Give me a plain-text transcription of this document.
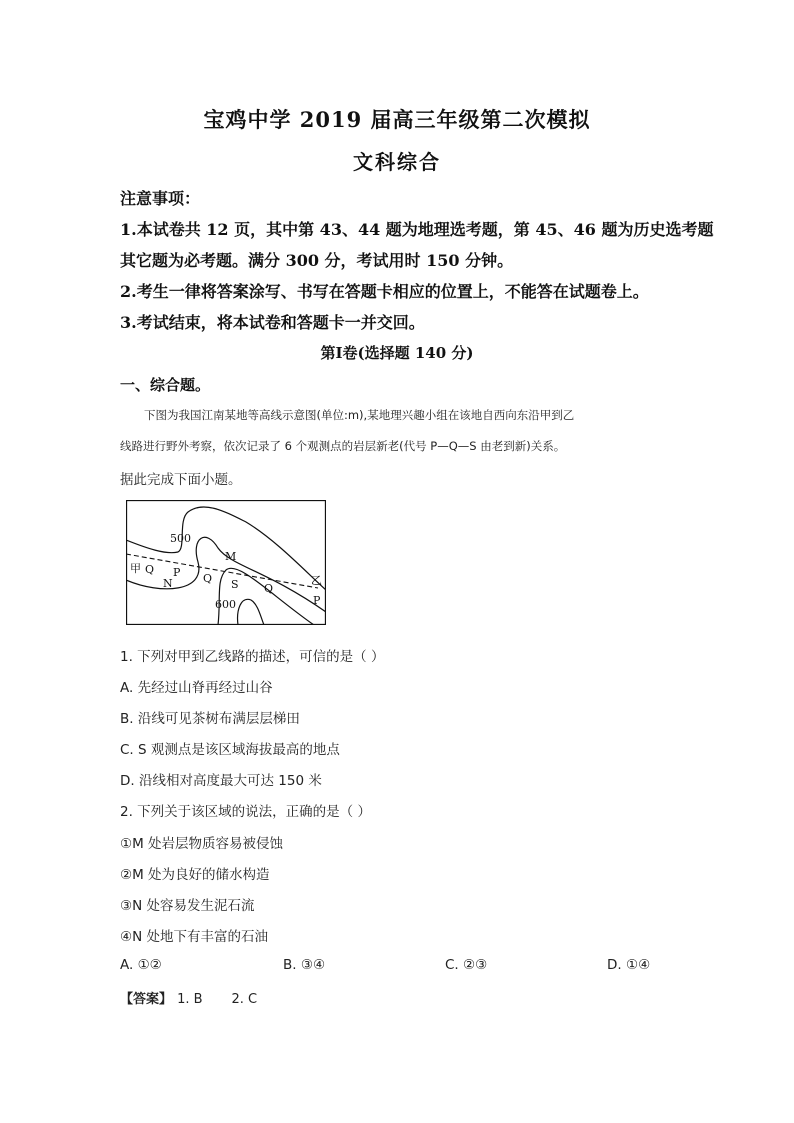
宝鸡中学 2019 届高三年级第二次模拟
文科综合
注意事项：
1.本试卷共 12 页，其中第 43、44 题为地理选考题，第 45、46 题为历史选考题
其它题为必考题。满分 300 分，考试用时 150 分钟。
2.考生一律将答案涂写、书写在答题卡相应的位置上，不能答在试题卷上。
3.考试结束，将本试卷和答题卡一并交回。
第Ⅰ卷(选择题 140 分)
一、综合题。
下图为我国江南某地等高线示意图(单位:m),某地理兴趣小组在该地自西向东沿甲到乙
线路进行野外考察，依次记录了 6 个观测点的岩层新老(代号 P—Q—S 由老到新)关系。
据此完成下面小题。
500
600
甲
乙
Q P
N	Q
M
S Q
P
1. 下列对甲到乙线路的描述，可信的是（ ）
A. 先经过山脊再经过山谷
B. 沿线可见茶树布满层层梯田
C. S 观测点是该区域海拔最高的地点
D. 沿线相对高度最大可达 150 米
2. 下列关于该区域的说法，正确的是（ ）
①M 处岩层物质容易被侵蚀
②M 处为良好的储水构造
③N 处容易发生泥石流
④N 处地下有丰富的石油
A. ①②	B. ③④	C. ②③	D. ①④
【答案】 1. B       2. C
